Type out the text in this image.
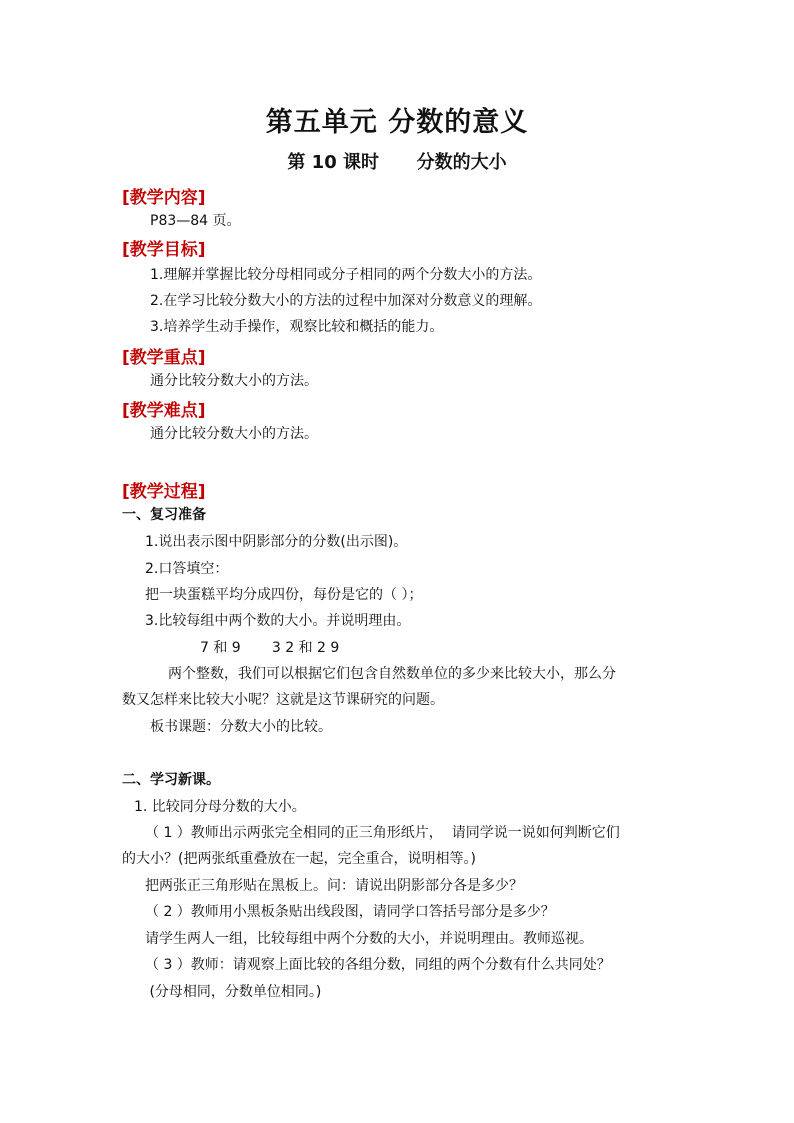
第五单元 分数的意义
第 10 课时      分数的大小
[教学内容]
P83—84 页。
[教学目标]
1.理解并掌握比较分母相同或分子相同的两个分数大小的方法。
2.在学习比较分数大小的方法的过程中加深对分数意义的理解。
3.培养学生动手操作，观察比较和概括的能力。
[教学重点]
通分比较分数大小的方法。
[教学难点]
通分比较分数大小的方法。
[教学过程]
一、复习准备
1.说出表示图中阴影部分的分数(出示图)。
2.口答填空：
把一块蛋糕平均分成四份，每份是它的（ ）；
3.比较每组中两个数的大小。并说明理由。
7 和 9       3 2 和 2 9
两个整数，我们可以根据它们包含自然数单位的多少来比较大小，那么分
数又怎样来比较大小呢？这就是这节课研究的问题。
板书课题：分数大小的比较。
二、学习新课。
1. 比较同分母分数的大小。
（ 1 ）教师出示两张完全相同的正三角形纸片，  请同学说一说如何判断它们
的大小？(把两张纸重叠放在一起，完全重合，说明相等。)
把两张正三角形贴在黑板上。问：请说出阴影部分各是多少？
（ 2 ）教师用小黑板条贴出线段图，请同学口答括号部分是多少？
请学生两人一组，比较每组中两个分数的大小，并说明理由。教师巡视。
（ 3 ）教师：请观察上面比较的各组分数，同组的两个分数有什么共同处？
(分母相同，分数单位相同。)
